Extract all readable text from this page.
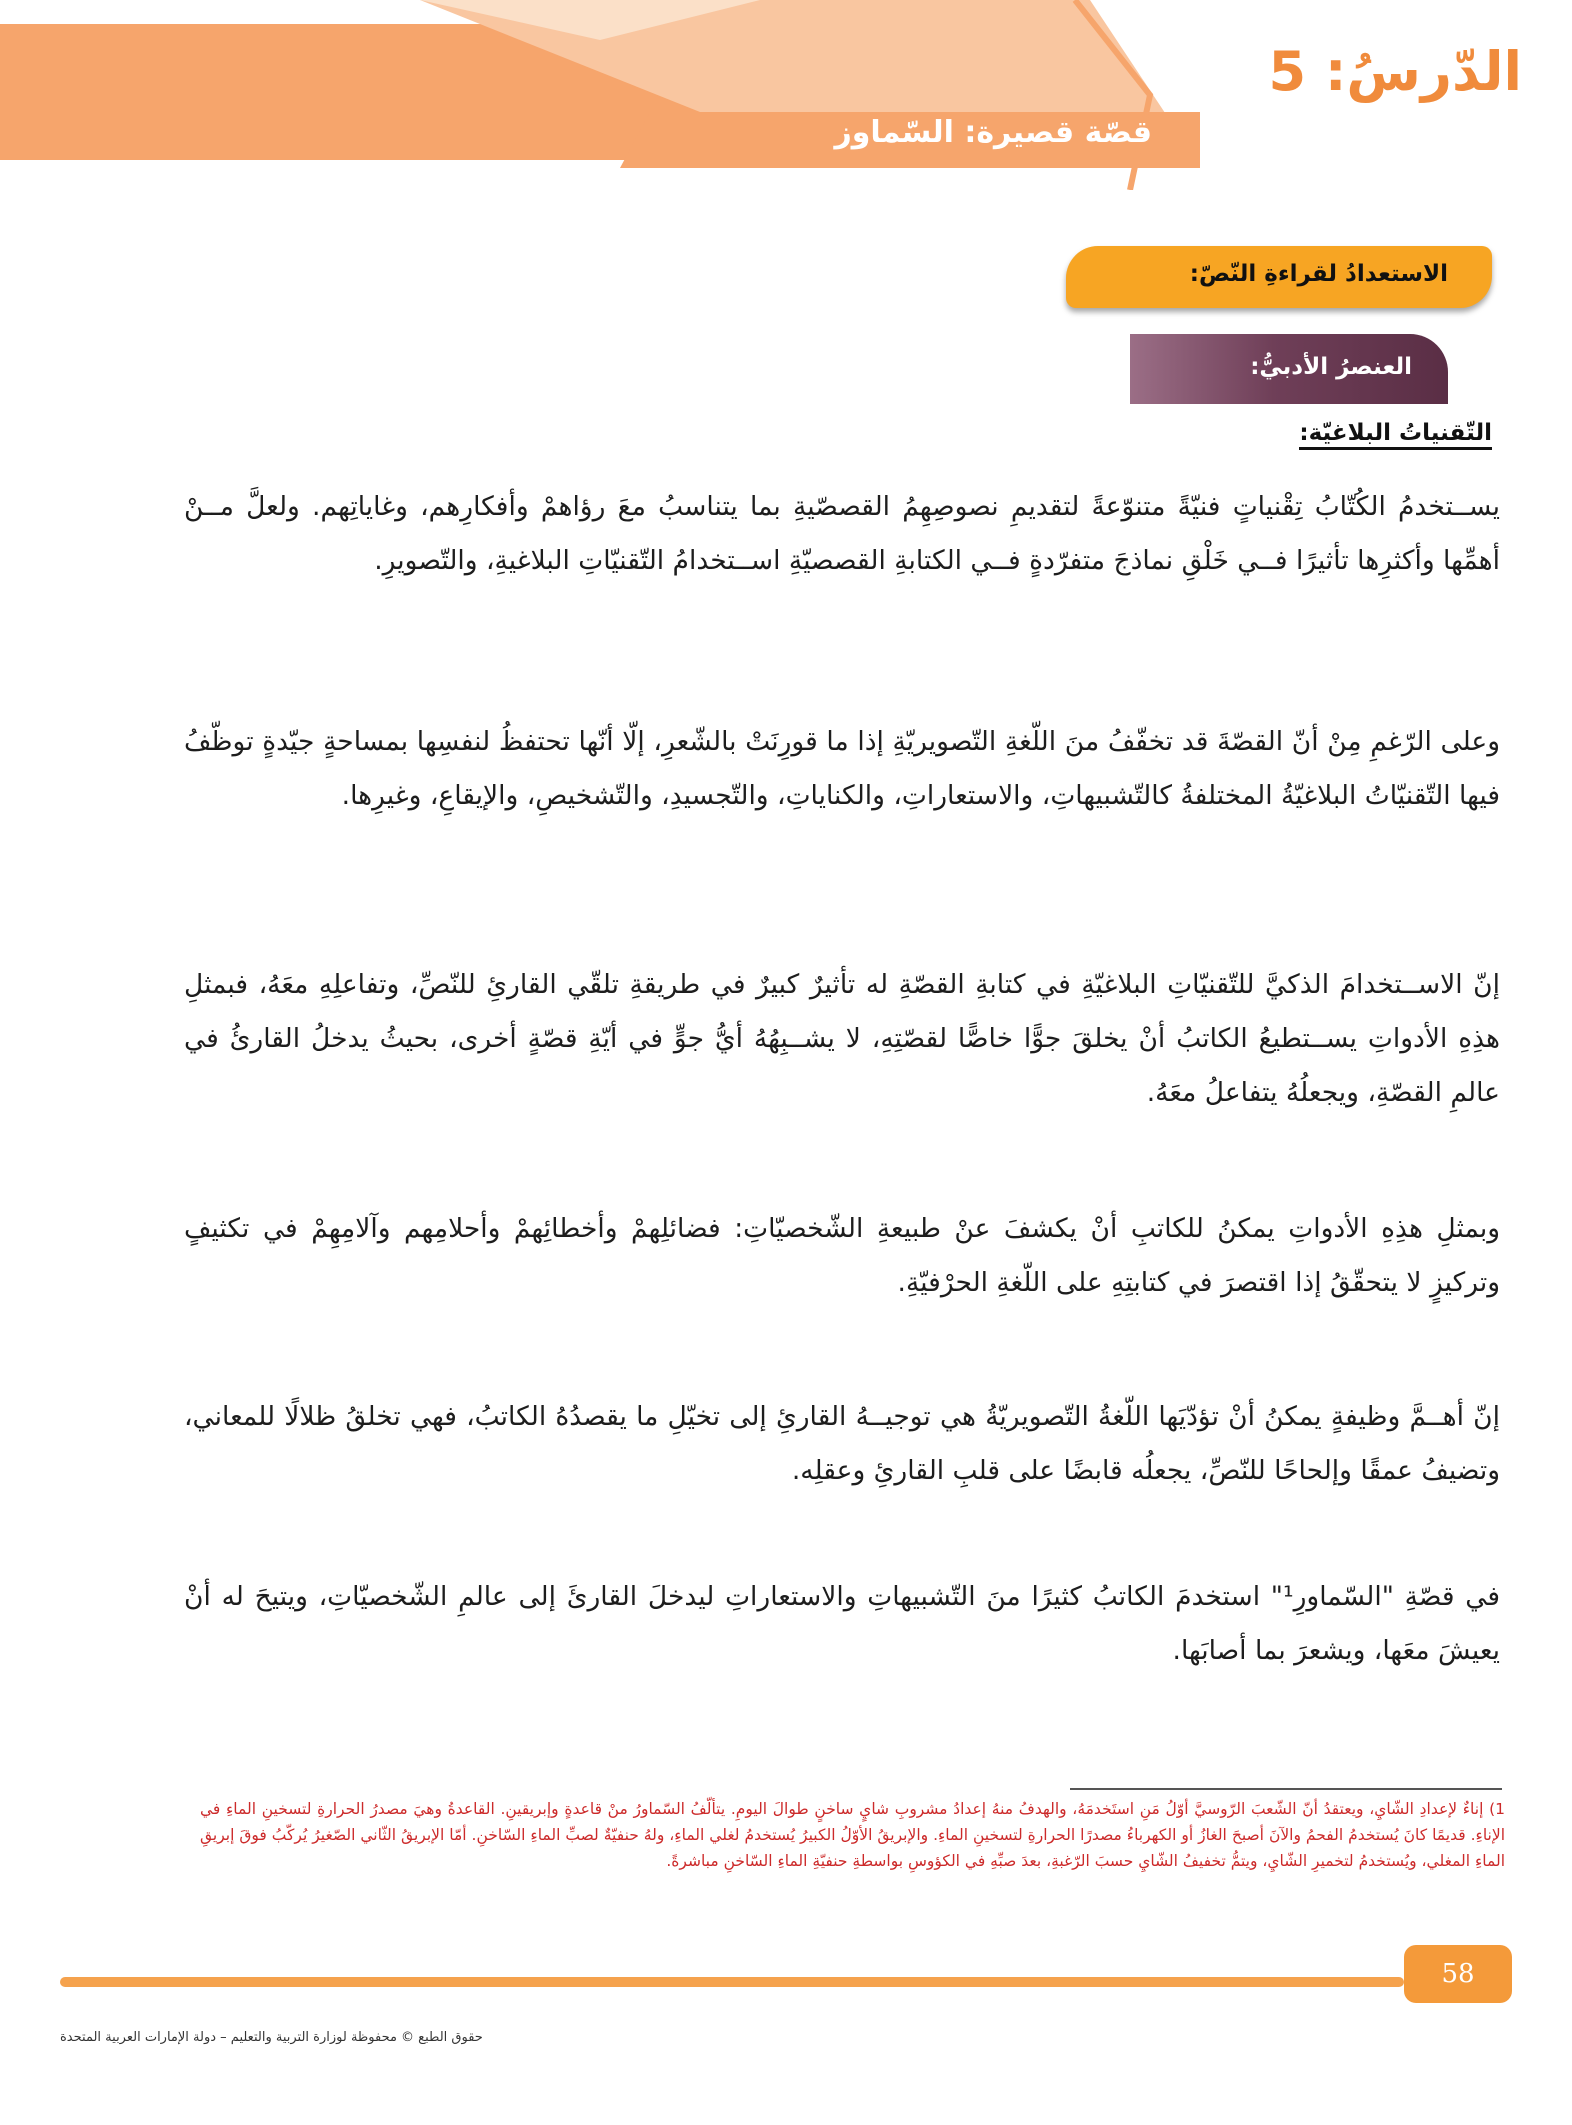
الدّرسُ: 5
قصّة قصيرة: السّماوز
الاستعدادُ لقراءةِ النّصّ:
العنصرُ الأدبيُّ:
التّقنياتُ البلاغيّة:

يســتخدمُ الكُتّابُ تِقْنياتٍ فنيّةً متنوّعةً لتقديمِ نصوصِهِمُ القصصّيةِ بما يتناسبُ معَ رؤاهمْ وأفكارِهم، وغاياتِهم. ولعلَّ مــنْ أهمِّها وأكثرِها تأثيرًا فــي خَلْقِ نماذجَ متفرّدةٍ فــي الكتابةِ القصصيّةِ اســتخدامُ التّقنيّاتِ البلاغيةِ، والتّصويرِ.

وعلى الرّغمِ مِنْ أنّ القصّةَ قد تخفّفُ منَ اللّغةِ التّصويريّةِ إذا ما قورِنَتْ بالشّعرِ، إلّا أنّها تحتفظُ لنفسِها بمساحةٍ جيّدةٍ توظّفُ فيها التّقنيّاتُ البلاغيّةُ المختلفةُ كالتّشبيهاتِ، والاستعاراتِ، والكناياتِ، والتّجسيدِ، والتّشخيصِ، والإيقاعِ، وغيرِها.

إنّ الاســتخدامَ الذكيَّ للتّقنيّاتِ البلاغيّةِ في كتابةِ القصّةِ له تأثيرٌ كبيرٌ في طريقةِ تلقّي القارئِ للنّصِّ، وتفاعلِهِ معَهُ، فبمثلِ هذِهِ الأدواتِ يســتطيعُ الكاتبُ أنْ يخلقَ جوًّا خاصًّا لقصّتِهِ، لا يشــبِهُهُ أيُّ جوٍّ في أيّةِ قصّةٍ أخرى، بحيثُ يدخلُ القارئُ في عالمِ القصّةِ، ويجعلُهُ يتفاعلُ معَهُ.

وبمثلِ هذِهِ الأدواتِ يمكنُ للكاتبِ أنْ يكشفَ عنْ طبيعةِ الشّخصيّاتِ: فضائلِهمْ وأخطائِهمْ وأحلامِهم وآلامِهِمْ في تكثيفٍ وتركيزٍ لا يتحقّقُ إذا اقتصرَ في كتابتِهِ على اللّغةِ الحرْفيّةِ.

إنّ أهــمَّ وظيفةٍ يمكنُ أنْ تؤدّيَها اللّغةُ التّصويريّةُ هي توجيــهُ القارئِ إلى تخيّلِ ما يقصدُهُ الكاتبُ، فهي تخلقُ ظلالًا للمعاني، وتضيفُ عمقًا وإلحاحًا للنّصِّ، يجعلُه قابضًا على قلبِ القارئِ وعقلِه.

في قصّةِ "السّماورِ¹" استخدمَ الكاتبُ كثيرًا منَ التّشبيهاتِ والاستعاراتِ ليدخلَ القارئَ إلى عالمِ الشّخصيّاتِ، ويتيحَ له أنْ يعيشَ معَها، ويشعرَ بما أصابَها.

1) إناءٌ لإعدادِ الشّايِ، ويعتقدُ أنّ الشّعبَ الرّوسيَّ أوّلُ مَنِ استَخدمَهُ، والهدفُ منهُ إعدادُ مشروبِ شايٍ ساخنٍ طوالَ اليومِ. يتألّفُ السّماورُ منْ قاعدةٍ وإبريقينِ. القاعدةُ وهيَ مصدرُ الحرارةِ لتسخينِ الماءِ في الإناءِ. قديمًا كانَ يُستخدمُ الفحمُ والآنَ أصبحَ الغازُ أو الكهرباءُ مصدرًا الحرارةِ لتسخينِ الماءِ. والإبريقُ الأوّلُ الكبيرُ يُستخدمُ لغلي الماءِ، ولهُ حنفيّةٌ لصبِّ الماءِ السّاخنِ. أمّا الإبريقُ الثّاني الصّغيرُ يُركّبُ فوقَ إبريقِ الماءِ المغلي، ويُستخدمُ لتخميرِ الشّايِ، ويتمُّ تخفيفُ الشّايِ حسبَ الرّغبةِ، بعدَ صبِّهِ في الكؤوسِ بواسطةِ حنفيّةِ الماءِ السّاخنِ مباشرةً.

58

حقوق الطبع © محفوظة لوزارة التربية والتعليم – دولة الإمارات العربية المتحدة
